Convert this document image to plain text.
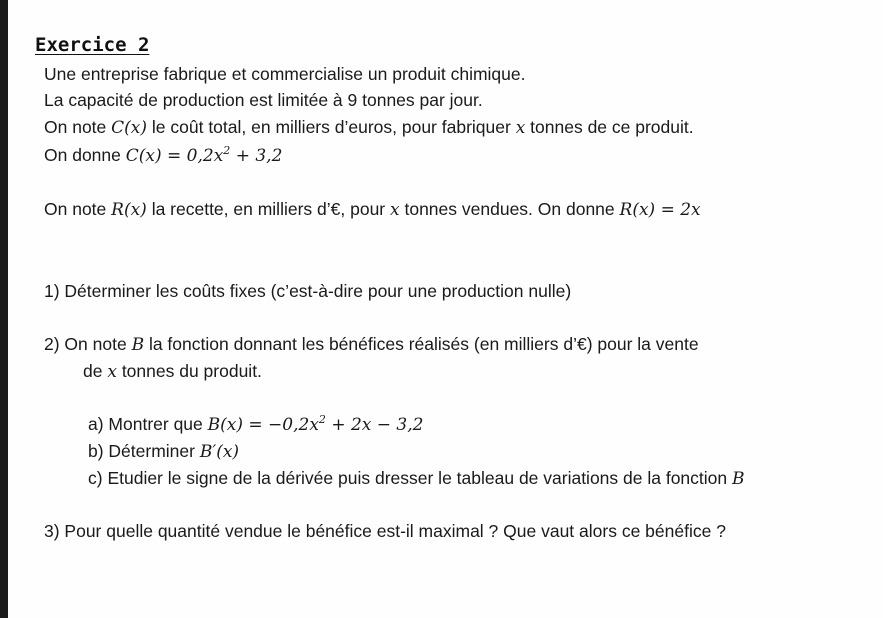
Exercice 2
Une entreprise fabrique et commercialise un produit chimique.
La capacité de production est limitée à 9 tonnes par jour.
On note C(x) le coût total, en milliers d’euros, pour fabriquer x tonnes de ce produit.
On donne $C(x) = 0,2x^2 + 3,2$
On note R(x) la recette, en milliers d’€, pour x tonnes vendues. On donne R(x) = 2x
1) Déterminer les coûts fixes (c’est-à-dire pour une production nulle)
2) On note B la fonction donnant les bénéfices réalisés (en milliers d’€) pour la vente
de x tonnes du produit.
a) Montrer que $B(x) = -0,2x^2 + 2x - 3,2$
b) Déterminer B′(x)
c) Etudier le signe de la dérivée puis dresser le tableau de variations de la fonction B
3) Pour quelle quantité vendue le bénéfice est-il maximal ? Que vaut alors ce bénéfice ?
